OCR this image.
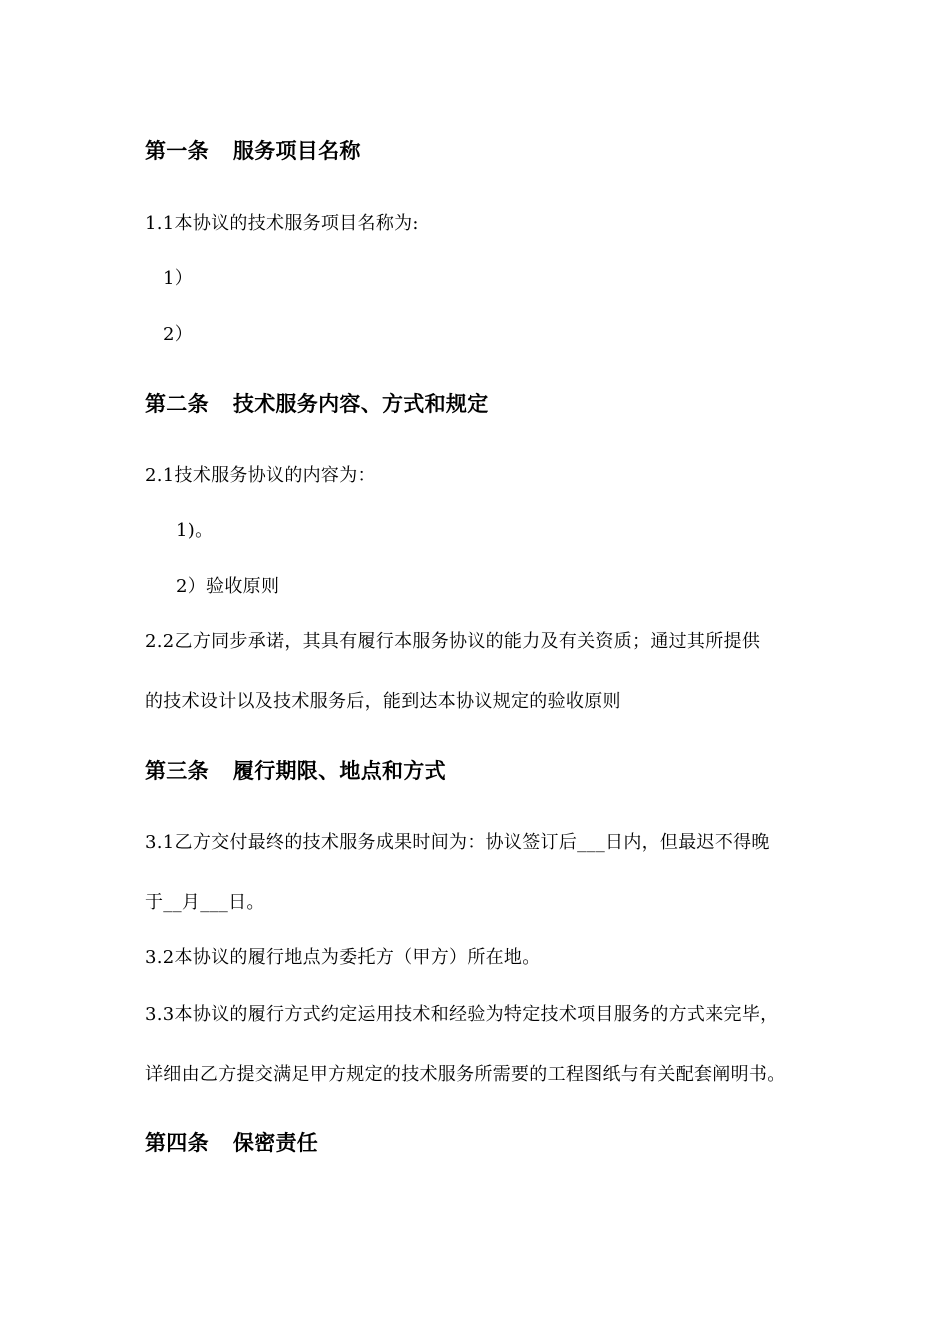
第一条 服务项目名称
1.1本协议的技术服务项目名称为:
1）
2）
第二条 技术服务内容、方式和规定
2.1技术服务协议的内容为：
1)。
2）验收原则
2.2乙方同步承诺，其具有履行本服务协议的能力及有关资质；通过其所提供
的技术设计以及技术服务后，能到达本协议规定的验收原则
第三条 履行期限、地点和方式
3.1乙方交付最终的技术服务成果时间为：协议签订后___日内，但最迟不得晚
于__月___日。
3.2本协议的履行地点为委托方（甲方）所在地。
3.3本协议的履行方式约定运用技术和经验为特定技术项目服务的方式来完毕，
详细由乙方提交满足甲方规定的技术服务所需要的工程图纸与有关配套阐明书。
第四条 保密责任
